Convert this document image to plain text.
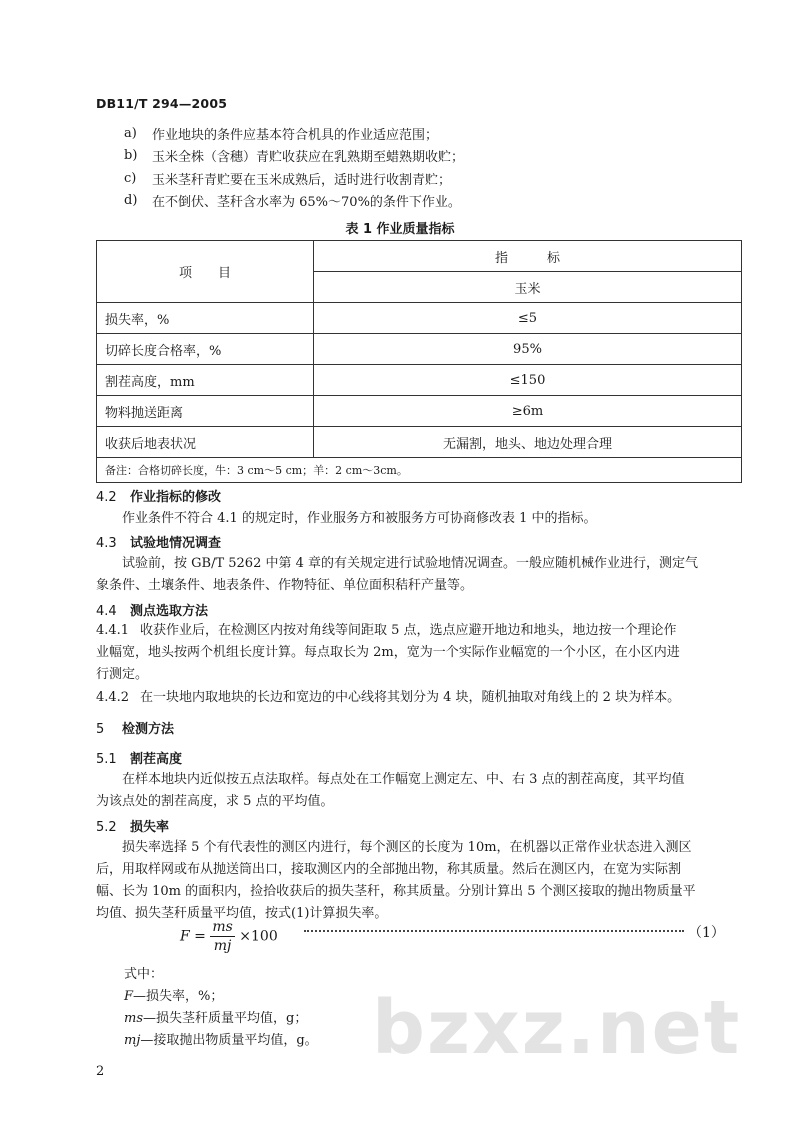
DB11/T 294—2005
a)	作业地块的条件应基本符合机具的作业适应范围；
b)	玉米全株（含穗）青贮收获应在乳熟期至蜡熟期收贮；
c)	玉米茎秆青贮要在玉米成熟后，适时进行收割青贮；
d)	在不倒伏、茎秆含水率为 65%～70%的条件下作业。
表 1 作业质量指标
项　　目	指　　　标
	玉米
损失率，%	≤5
切碎长度合格率，%	95%
割茬高度，mm	≤150
物料抛送距离	≥6m
收获后地表状况	无漏割，地头、地边处理合理
备注：合格切碎长度，牛：3 cm～5 cm；羊：2 cm～3cm。	
4.2 作业指标的修改
作业条件不符合 4.1 的规定时，作业服务方和被服务方可协商修改表 1 中的指标。
4.3 试验地情况调查
试验前，按 GB/T 5262 中第 4 章的有关规定进行试验地情况调查。一般应随机械作业进行，测定气
象条件、土壤条件、地表条件、作物特征、单位面积秸秆产量等。
4.4 测点选取方法
4.4.1 收获作业后，在检测区内按对角线等间距取 5 点，选点应避开地边和地头，地边按一个理论作
业幅宽，地头按两个机组长度计算。每点取长为 2m，宽为一个实际作业幅宽的一个小区，在小区内进
行测定。
4.4.2 在一块地内取地块的长边和宽边的中心线将其划分为 4 块，随机抽取对角线上的 2 块为样本。
5 检测方法
5.1 割茬高度
在样本地块内近似按五点法取样。每点处在工作幅宽上测定左、中、右 3 点的割茬高度，其平均值
为该点处的割茬高度，求 5 点的平均值。
5.2 损失率
损失率选择 5 个有代表性的测区内进行，每个测区的长度为 10m，在机器以正常作业状态进入测区
后，用取样网或布从抛送筒出口，接取测区内的全部抛出物，称其质量。然后在测区内，在宽为实际割
幅、长为 10m 的面积内，捡拾收获后的损失茎秆，称其质量。分别计算出 5 个测区接取的抛出物质量平
均值、损失茎秆质量平均值，按式(1)计算损失率。
$F = \frac{ms}{mj} \times 100$	（1）
式中：
F—损失率，%；
ms—损失茎秆质量平均值，g；
mj—接取抛出物质量平均值，g。 bzxz.net
2
